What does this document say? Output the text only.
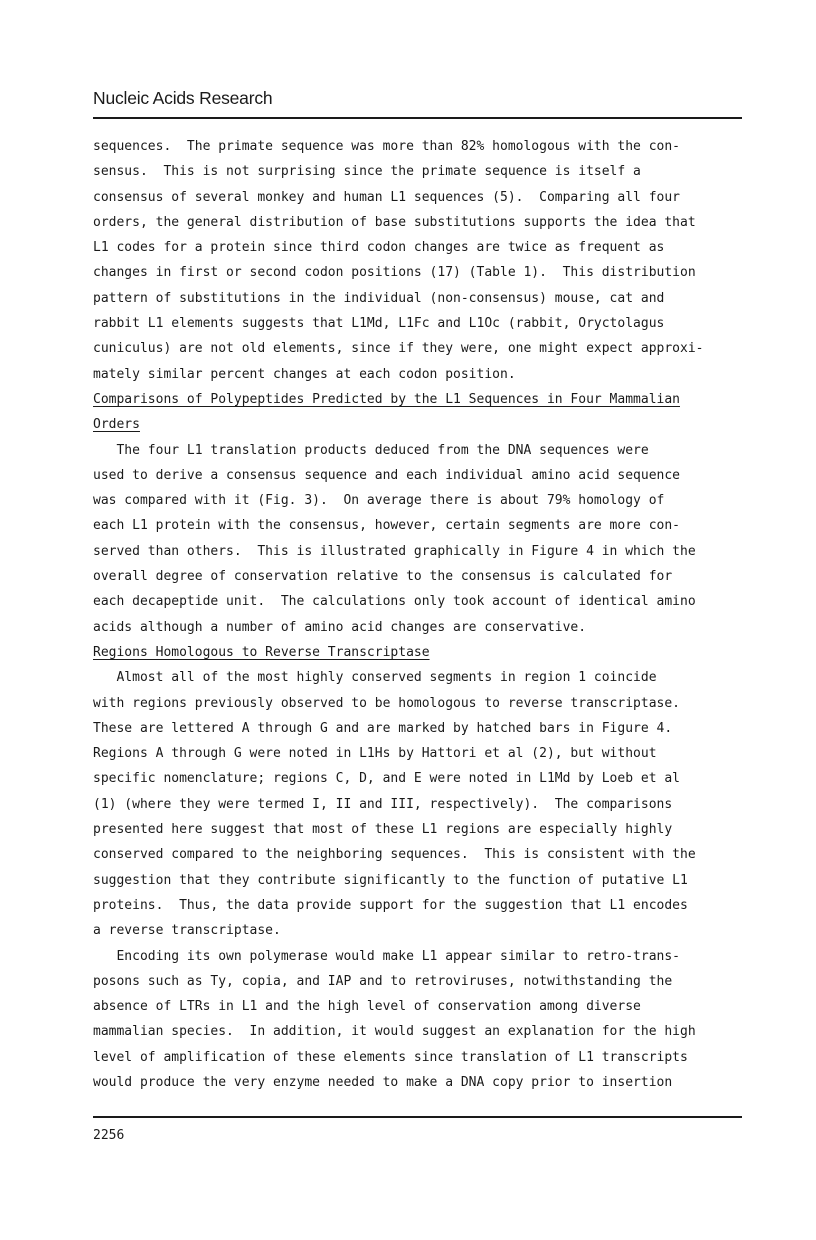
Nucleic Acids Research
sequences.  The primate sequence was more than 82% homologous with the con-
sensus.  This is not surprising since the primate sequence is itself a
consensus of several monkey and human L1 sequences (5).  Comparing all four
orders, the general distribution of base substitutions supports the idea that
L1 codes for a protein since third codon changes are twice as frequent as
changes in first or second codon positions (17) (Table 1).  This distribution
pattern of substitutions in the individual (non-consensus) mouse, cat and
rabbit L1 elements suggests that L1Md, L1Fc and L1Oc (rabbit, Oryctolagus
cuniculus) are not old elements, since if they were, one might expect approxi-
mately similar percent changes at each codon position.
Comparisons of Polypeptides Predicted by the L1 Sequences in Four Mammalian
Orders
The four L1 translation products deduced from the DNA sequences were
used to derive a consensus sequence and each individual amino acid sequence
was compared with it (Fig. 3).  On average there is about 79% homology of
each L1 protein with the consensus, however, certain segments are more con-
served than others.  This is illustrated graphically in Figure 4 in which the
overall degree of conservation relative to the consensus is calculated for
each decapeptide unit.  The calculations only took account of identical amino
acids although a number of amino acid changes are conservative.
Regions Homologous to Reverse Transcriptase
Almost all of the most highly conserved segments in region 1 coincide
with regions previously observed to be homologous to reverse transcriptase.
These are lettered A through G and are marked by hatched bars in Figure 4.
Regions A through G were noted in L1Hs by Hattori et al (2), but without
specific nomenclature; regions C, D, and E were noted in L1Md by Loeb et al
(1) (where they were termed I, II and III, respectively).  The comparisons
presented here suggest that most of these L1 regions are especially highly
conserved compared to the neighboring sequences.  This is consistent with the
suggestion that they contribute significantly to the function of putative L1
proteins.  Thus, the data provide support for the suggestion that L1 encodes
a reverse transcriptase.
Encoding its own polymerase would make L1 appear similar to retro-trans-
posons such as Ty, copia, and IAP and to retroviruses, notwithstanding the
absence of LTRs in L1 and the high level of conservation among diverse
mammalian species.  In addition, it would suggest an explanation for the high
level of amplification of these elements since translation of L1 transcripts
would produce the very enzyme needed to make a DNA copy prior to insertion

2256
